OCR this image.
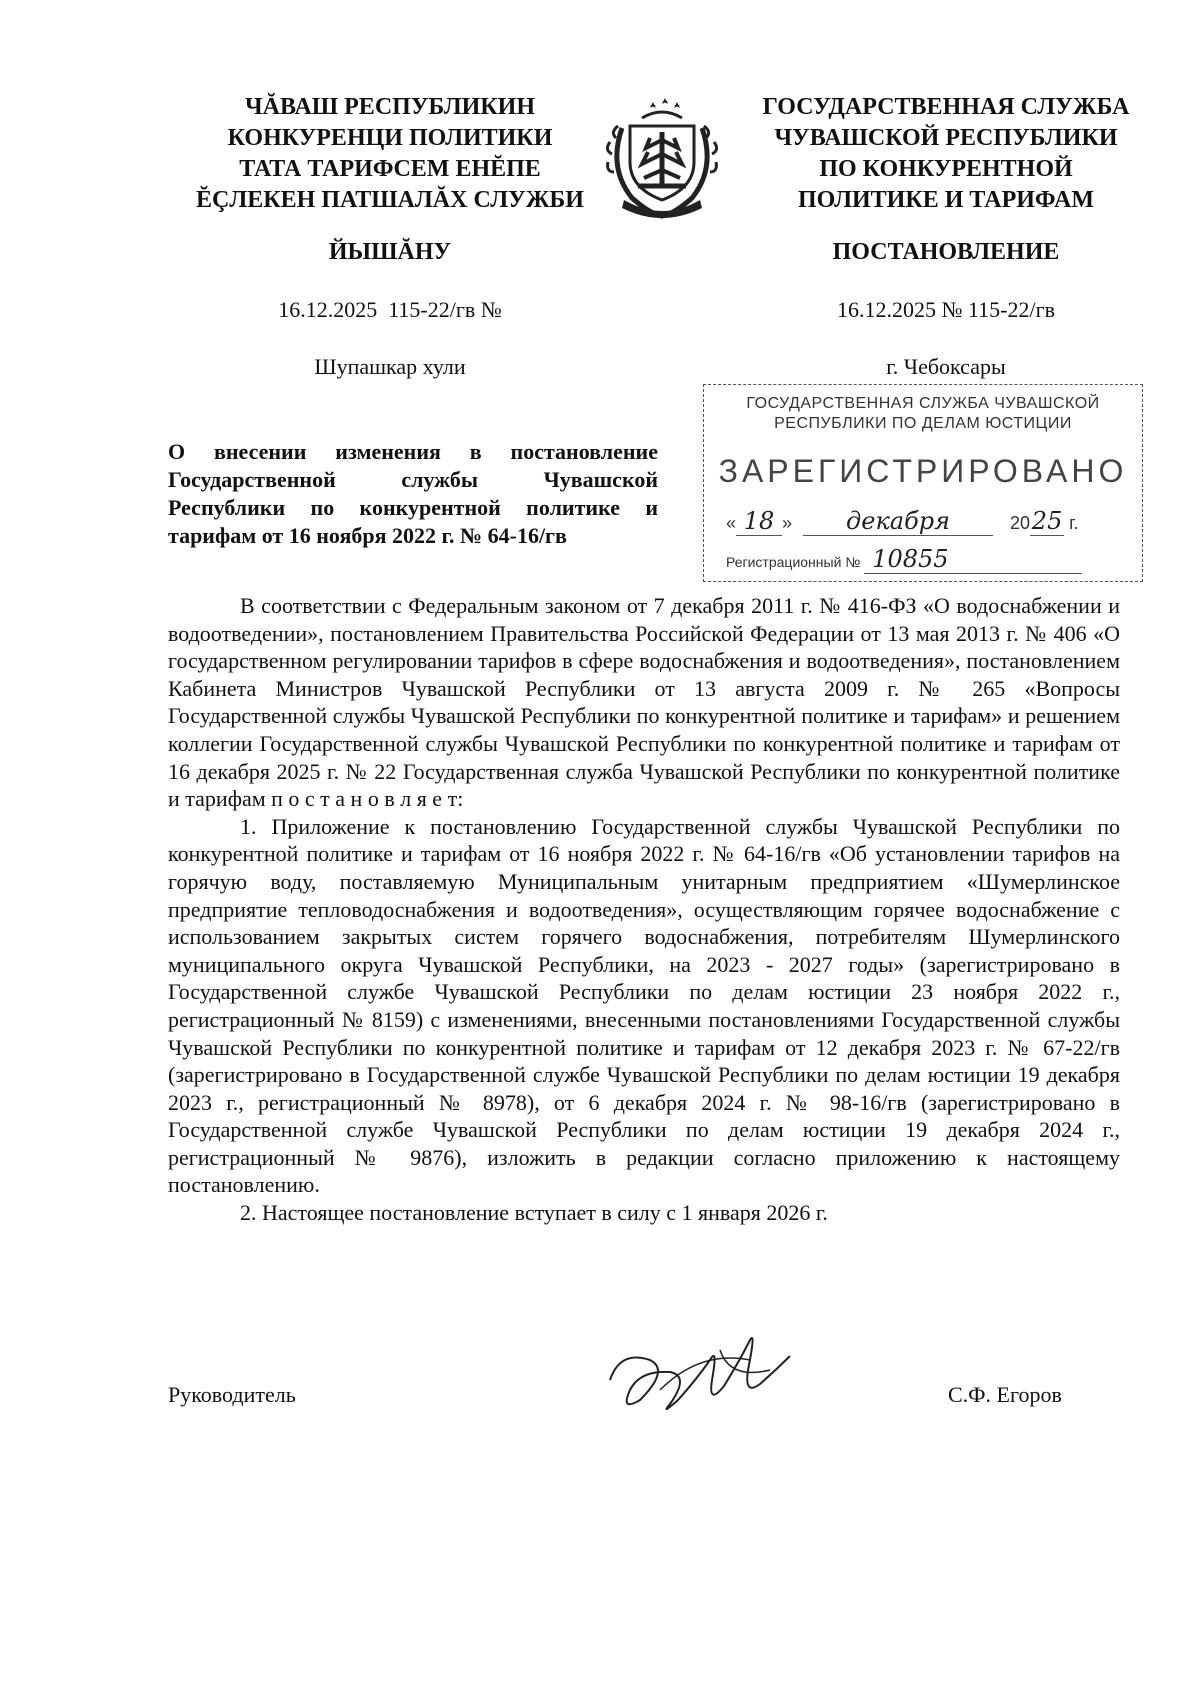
ЧĂВАШ РЕСПУБЛИКИН
КОНКУРЕНЦИ ПОЛИТИКИ
ТАТА ТАРИФСЕМ ЕНĔПЕ
ĔÇЛЕКЕН ПАТШАЛĂХ СЛУЖБИ
ГОСУДАРСТВЕННАЯ СЛУЖБА
ЧУВАШСКОЙ РЕСПУБЛИКИ
ПО КОНКУРЕНТНОЙ
ПОЛИТИКЕ И ТАРИФАМ
ЙЫШĂНУ	ПОСТАНОВЛЕНИЕ
16.12.2025  115-22/гв №	16.12.2025 № 115-22/гв
Шупашкар хули	г. Чебоксары
О внесении изменения в постановление
Государственной службы Чувашской
Республики по конкурентной политике и
тарифам от 16 ноября 2022 г. № 64-16/гв
ГОСУДАРСТВЕННАЯ СЛУЖБА ЧУВАШСКОЙ
РЕСПУБЛИКИ ПО ДЕЛАМ ЮСТИЦИИ
ЗАРЕГИСТРИРОВАНО
« 18 » декабря	2025 г.
Регистрационный № 10855

В соответствии с Федеральным законом от 7 декабря 2011 г. № 416-ФЗ «О водоснабжении и водоотведении», постановлением Правительства Российской Федерации от 13 мая 2013 г. № 406 «О государственном регулировании тарифов в сфере водоснабжения и водоотведения», постановлением Кабинета Министров Чувашской Республики от 13 августа 2009 г. № 265 «Вопросы Государственной службы Чувашской Республики по конкурентной политике и тарифам» и решением коллегии Государственной службы Чувашской Республики по конкурентной политике и тарифам от 16 декабря 2025 г. № 22 Государственная служба Чувашской Республики по конкурентной политике и тарифам п о с т а н о в л я е т:

1. Приложение к постановлению Государственной службы Чувашской Республики по конкурентной политике и тарифам от 16 ноября 2022 г. № 64-16/гв «Об установлении тарифов на горячую воду, поставляемую Муниципальным унитарным предприятием «Шумерлинское предприятие тепловодоснабжения и водоотведения», осуществляющим горячее водоснабжение с использованием закрытых систем горячего водоснабжения, потребителям Шумерлинского муниципального округа Чувашской Республики, на 2023 - 2027 годы» (зарегистрировано в Государственной службе Чувашской Республики по делам юстиции 23 ноября 2022 г., регистрационный № 8159) с изменениями, внесенными постановлениями Государственной службы Чувашской Республики по конкурентной политике и тарифам от 12 декабря 2023 г. № 67-22/гв (зарегистрировано в Государственной службе Чувашской Республики по делам юстиции 19 декабря 2023 г., регистрационный № 8978), от 6 декабря 2024 г. № 98-16/гв (зарегистрировано в Государственной службе Чувашской Республики по делам юстиции 19 декабря 2024 г., регистрационный № 9876), изложить в редакции согласно приложению к настоящему постановлению.

2. Настоящее постановление вступает в силу с 1 января 2026 г.

Руководитель	С.Ф. Егоров
